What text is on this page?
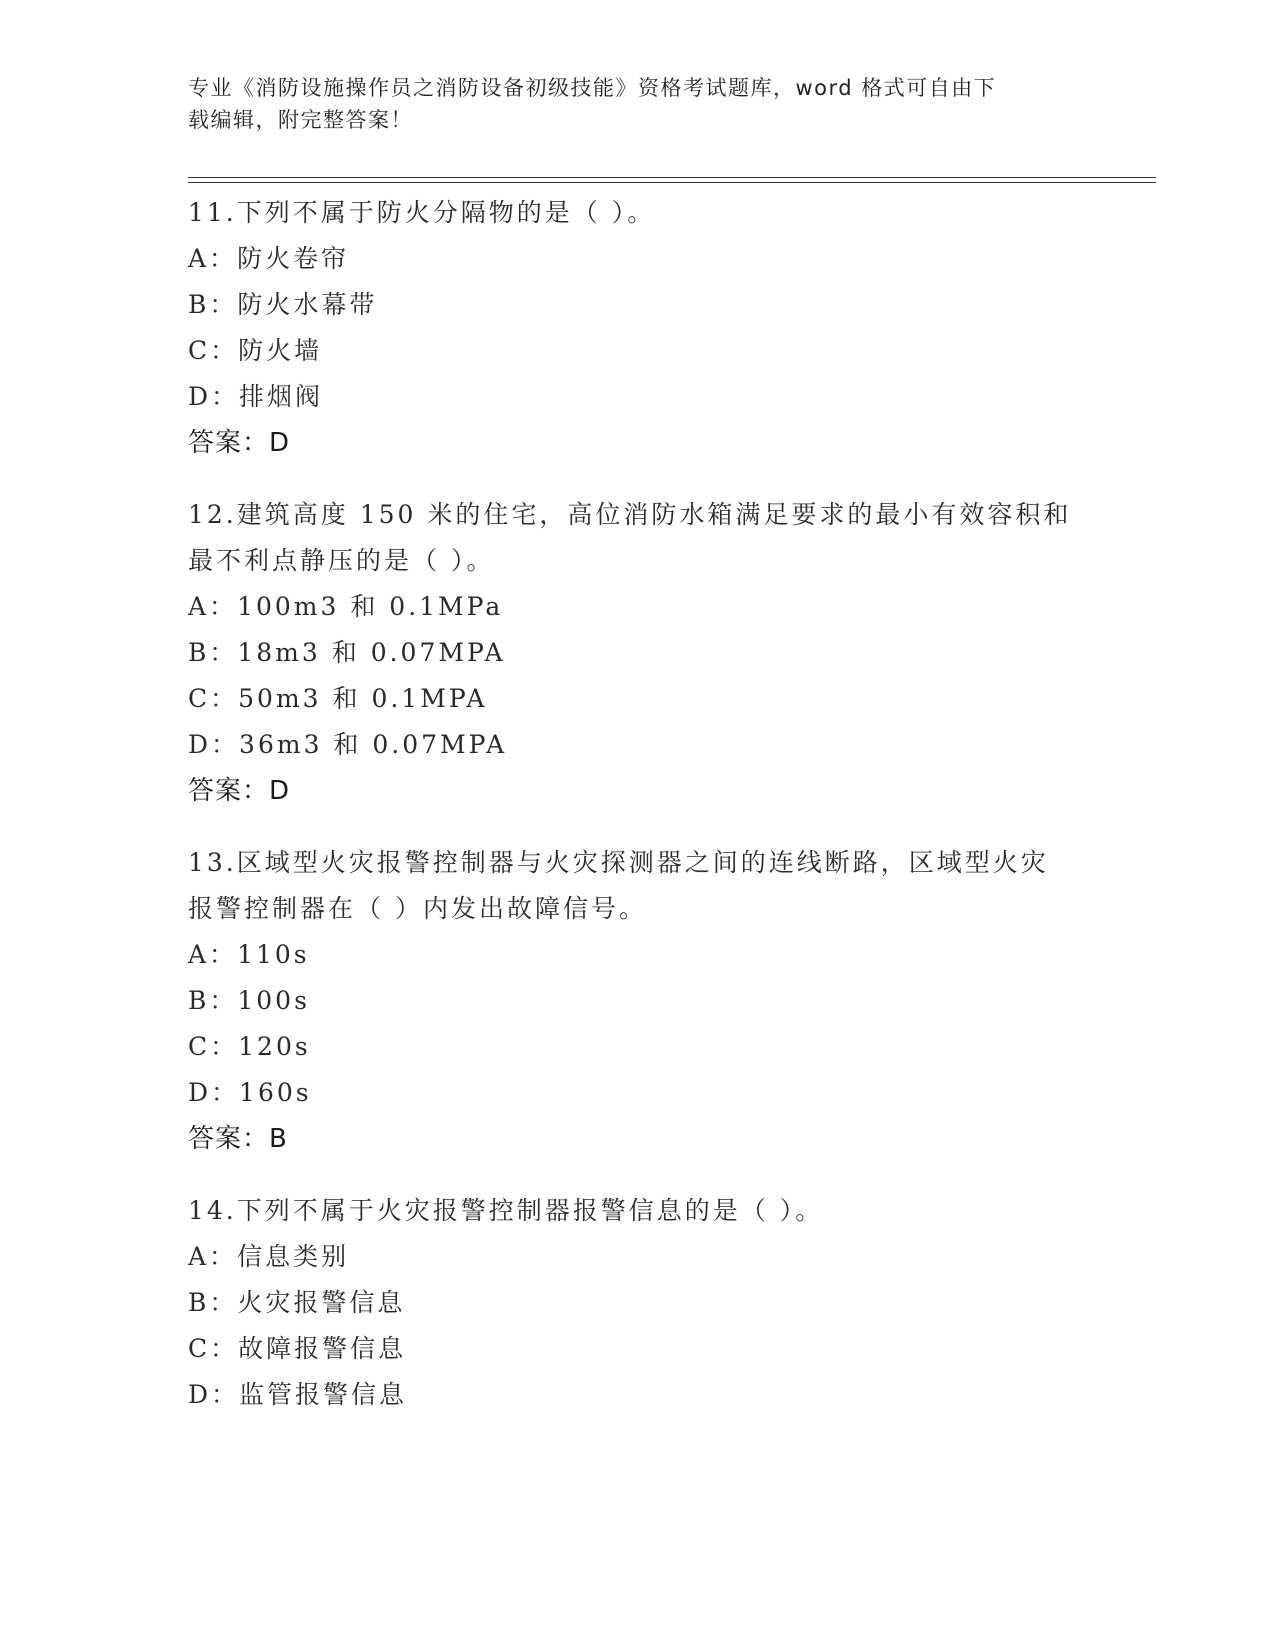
专业《消防设施操作员之消防设备初级技能》资格考试题库，word 格式可自由下
载编辑，附完整答案！
11.下列不属于防火分隔物的是（ ）。
A：防火卷帘
B：防火水幕带
C：防火墙
D：排烟阀
答案：D
12.建筑高度 150 米的住宅，高位消防水箱满足要求的最小有效容积和
最不利点静压的是（ ）。
A：100m3 和 0.1MPa
B：18m3 和 0.07MPA
C：50m3 和 0.1MPA
D：36m3 和 0.07MPA
答案：D
13.区域型火灾报警控制器与火灾探测器之间的连线断路，区域型火灾
报警控制器在（ ）内发出故障信号。
A：110s
B：100s
C：120s
D：160s
答案：B
14.下列不属于火灾报警控制器报警信息的是（ ）。
A：信息类别
B：火灾报警信息
C：故障报警信息
D：监管报警信息
